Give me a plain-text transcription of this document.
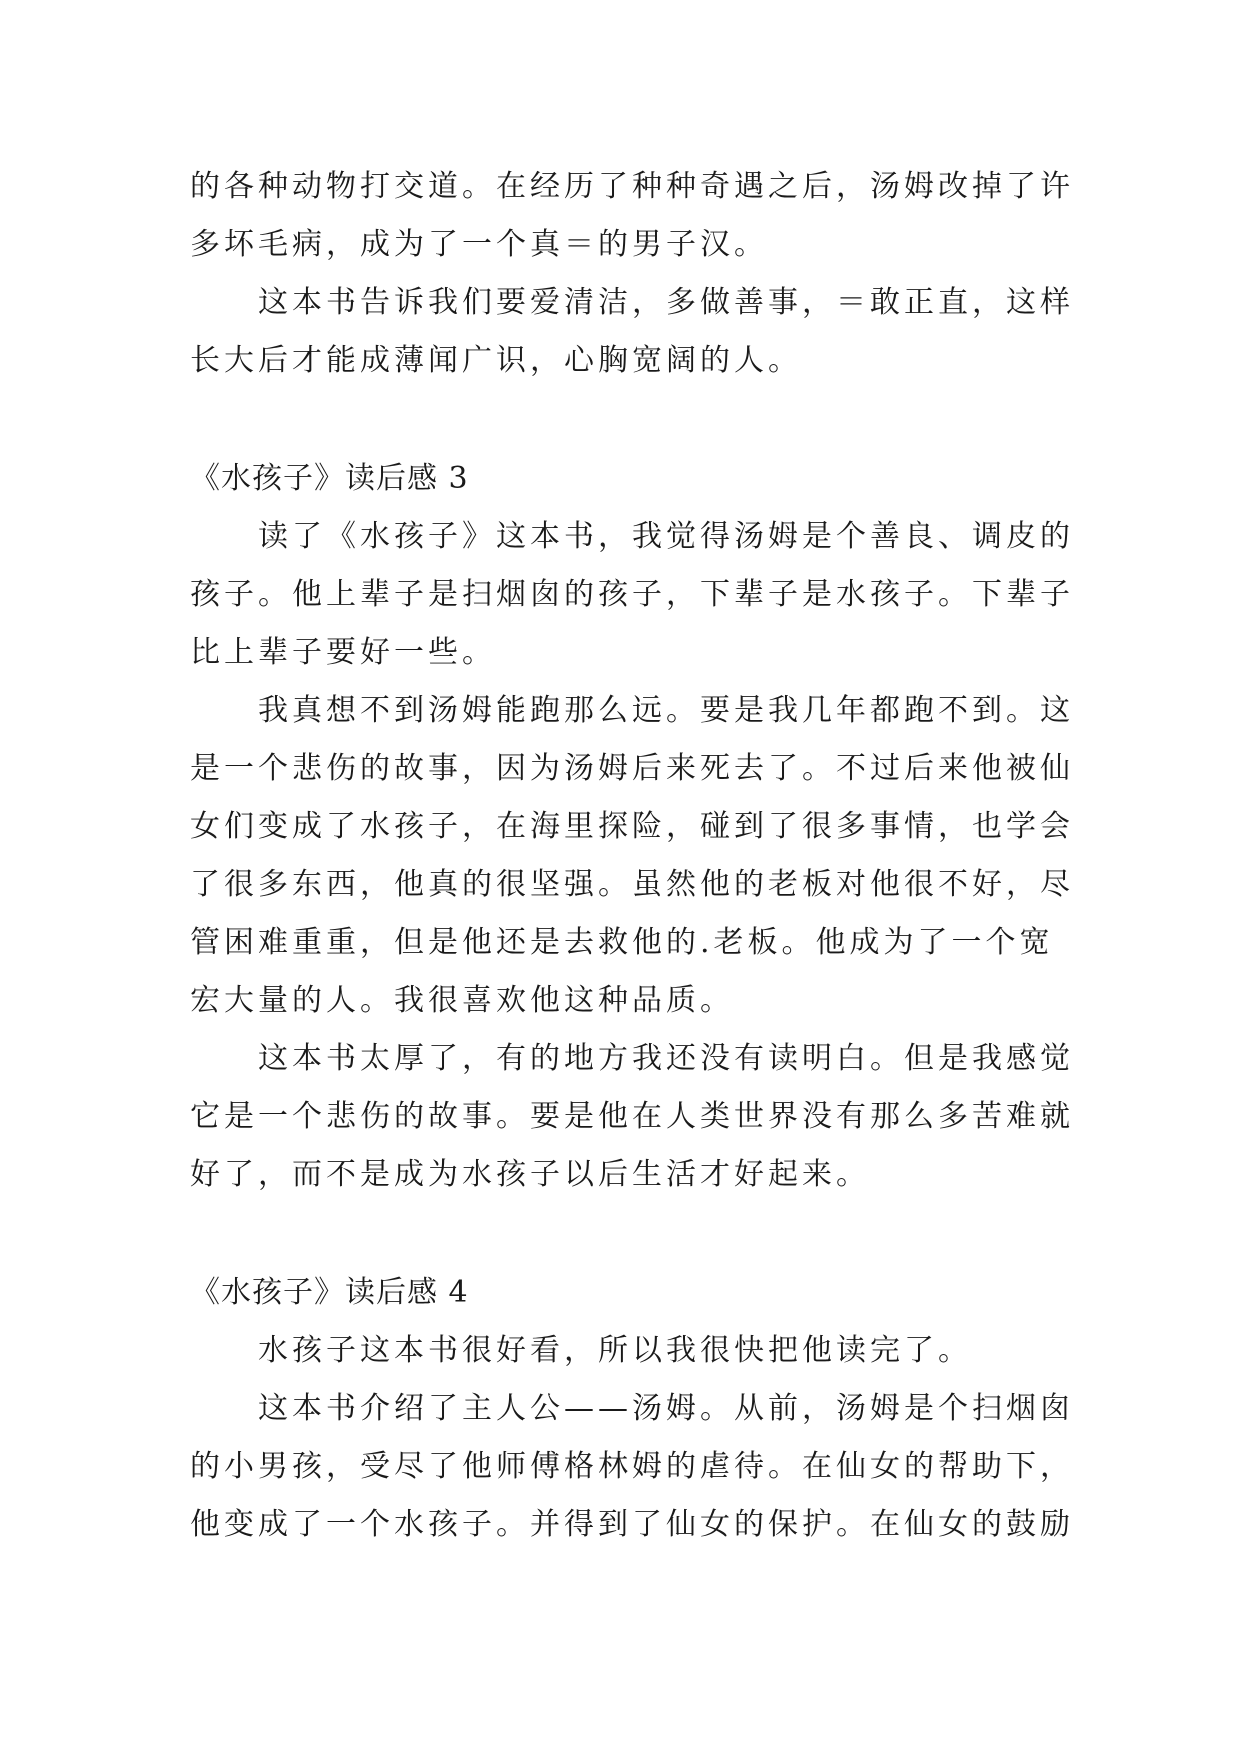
的各种动物打交道。在经历了种种奇遇之后，汤姆改掉了许
多坏毛病，成为了一个真＝的男子汉。
这本书告诉我们要爱清洁，多做善事，＝敢正直，这样
长大后才能成薄闻广识，心胸宽阔的人。
《水孩子》读后感 3
读了《水孩子》这本书，我觉得汤姆是个善良、调皮的
孩子。他上辈子是扫烟囱的孩子，下辈子是水孩子。下辈子
比上辈子要好一些。
我真想不到汤姆能跑那么远。要是我几年都跑不到。这
是一个悲伤的故事，因为汤姆后来死去了。不过后来他被仙
女们变成了水孩子，在海里探险，碰到了很多事情，也学会
了很多东西，他真的很坚强。虽然他的老板对他很不好，尽
管困难重重，但是他还是去救他的.老板。他成为了一个宽
宏大量的人。我很喜欢他这种品质。
这本书太厚了，有的地方我还没有读明白。但是我感觉
它是一个悲伤的故事。要是他在人类世界没有那么多苦难就
好了，而不是成为水孩子以后生活才好起来。
《水孩子》读后感 4
水孩子这本书很好看，所以我很快把他读完了。
这本书介绍了主人公——汤姆。从前，汤姆是个扫烟囱
的小男孩，受尽了他师傅格林姆的虐待。在仙女的帮助下，
他变成了一个水孩子。并得到了仙女的保护。在仙女的鼓励
